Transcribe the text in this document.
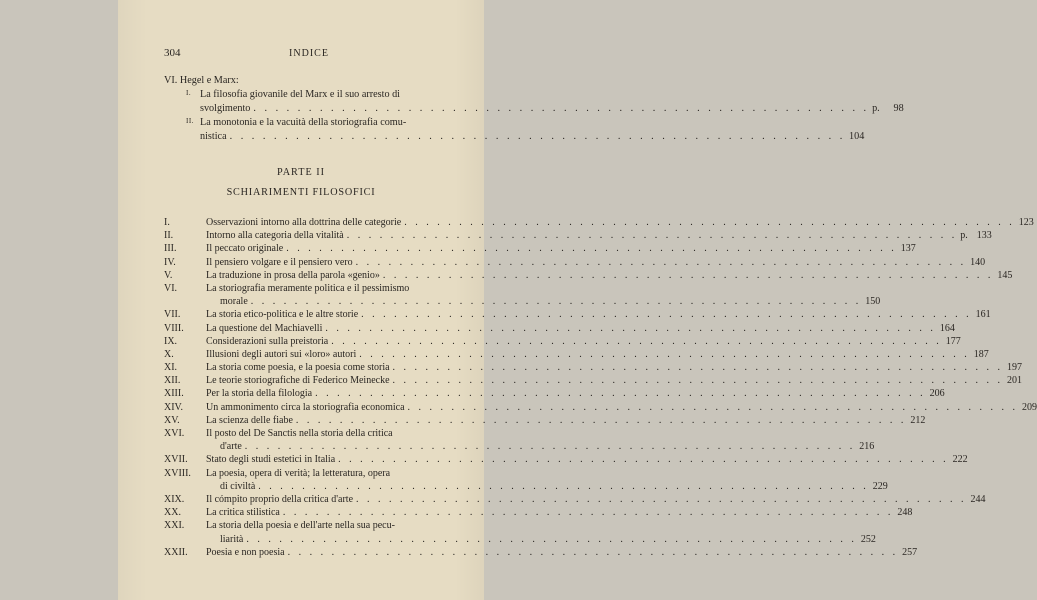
304	INDICE
VI. Hegel e Marx:
I. La filosofia giovanile del Marx e il suo arresto di
svolgimento . . . . . . . . . . . . . . . . . . . . . . . . . . . . . . . . . . . . . . . . . . . . . . . . . . . . . . . . p.	98
II. La monotonia e la vacuità della storiografia comu-
nistica . . . . . . . . . . . . . . . . . . . . . . . . . . . . . . . . . . . . . . . . . . . . . . . . . . . . . . . . 104
PARTE II
SCHIARIMENTI FILOSOFICI
I.	Osservazioni intorno alla dottrina delle categorie . . . . . . . . . . . . . . . . . . . . . . . . . . . . . . . . . . . . . . . . . . . . . . . . . . . . . . . . 123
II.	Intorno alla categoria della vitalità . . . . . . . . . . . . . . . . . . . . . . . . . . . . . . . . . . . . . . . . . . . . . . . . . . . . . . . . p. 133
III.	Il peccato originale . . . . . . . . . . . . . . . . . . . . . . . . . . . . . . . . . . . . . . . . . . . . . . . . . . . . . . . . 137
IV.	Il pensiero volgare e il pensiero vero . . . . . . . . . . . . . . . . . . . . . . . . . . . . . . . . . . . . . . . . . . . . . . . . . . . . . . . . 140
V.	La traduzione in prosa della parola «genio» . . . . . . . . . . . . . . . . . . . . . . . . . . . . . . . . . . . . . . . . . . . . . . . . . . . . . . . . 145
VI.	La storiografia meramente politica e il pessimismo
morale . . . . . . . . . . . . . . . . . . . . . . . . . . . . . . . . . . . . . . . . . . . . . . . . . . . . . . . . 150
VII.	La storia etico-politica e le altre storie . . . . . . . . . . . . . . . . . . . . . . . . . . . . . . . . . . . . . . . . . . . . . . . . . . . . . . . . 161
VIII. La questione del Machiavelli . . . . . . . . . . . . . . . . . . . . . . . . . . . . . . . . . . . . . . . . . . . . . . . . . . . . . . . . 164
IX.	Considerazioni sulla preistoria . . . . . . . . . . . . . . . . . . . . . . . . . . . . . . . . . . . . . . . . . . . . . . . . . . . . . . . . 177
X.	Illusioni degli autori sui «loro» autori . . . . . . . . . . . . . . . . . . . . . . . . . . . . . . . . . . . . . . . . . . . . . . . . . . . . . . . . 187
XI.	La storia come poesia, e la poesia come storia . . . . . . . . . . . . . . . . . . . . . . . . . . . . . . . . . . . . . . . . . . . . . . . . . . . . . . . . 197
XII.	Le teorie storiografiche di Federico Meinecke . . . . . . . . . . . . . . . . . . . . . . . . . . . . . . . . . . . . . . . . . . . . . . . . . . . . . . . . 201
XIII. Per la storia della filologia . . . . . . . . . . . . . . . . . . . . . . . . . . . . . . . . . . . . . . . . . . . . . . . . . . . . . . . . 206
XIV. Un ammonimento circa la storiografia economica . . . . . . . . . . . . . . . . . . . . . . . . . . . . . . . . . . . . . . . . . . . . . . . . . . . . . . . . 209
XV.	La scienza delle fiabe . . . . . . . . . . . . . . . . . . . . . . . . . . . . . . . . . . . . . . . . . . . . . . . . . . . . . . . . 212
XVI. Il posto del De Sanctis nella storia della critica
d'arte . . . . . . . . . . . . . . . . . . . . . . . . . . . . . . . . . . . . . . . . . . . . . . . . . . . . . . . . 216
XVII. Stato degli studi estetici in Italia . . . . . . . . . . . . . . . . . . . . . . . . . . . . . . . . . . . . . . . . . . . . . . . . . . . . . . . . 222
XVIII. La poesia, opera di verità; la letteratura, opera
di civiltà . . . . . . . . . . . . . . . . . . . . . . . . . . . . . . . . . . . . . . . . . . . . . . . . . . . . . . . . 229
XIX. Il cómpito proprio della critica d'arte . . . . . . . . . . . . . . . . . . . . . . . . . . . . . . . . . . . . . . . . . . . . . . . . . . . . . . . . 244
XX.	La critica stilistica . . . . . . . . . . . . . . . . . . . . . . . . . . . . . . . . . . . . . . . . . . . . . . . . . . . . . . . . 248
XXI. La storia della poesia e dell'arte nella sua pecu-
liarità . . . . . . . . . . . . . . . . . . . . . . . . . . . . . . . . . . . . . . . . . . . . . . . . . . . . . . . . 252
XXII. Poesia e non poesia . . . . . . . . . . . . . . . . . . . . . . . . . . . . . . . . . . . . . . . . . . . . . . . . . . . . . . . . 257
